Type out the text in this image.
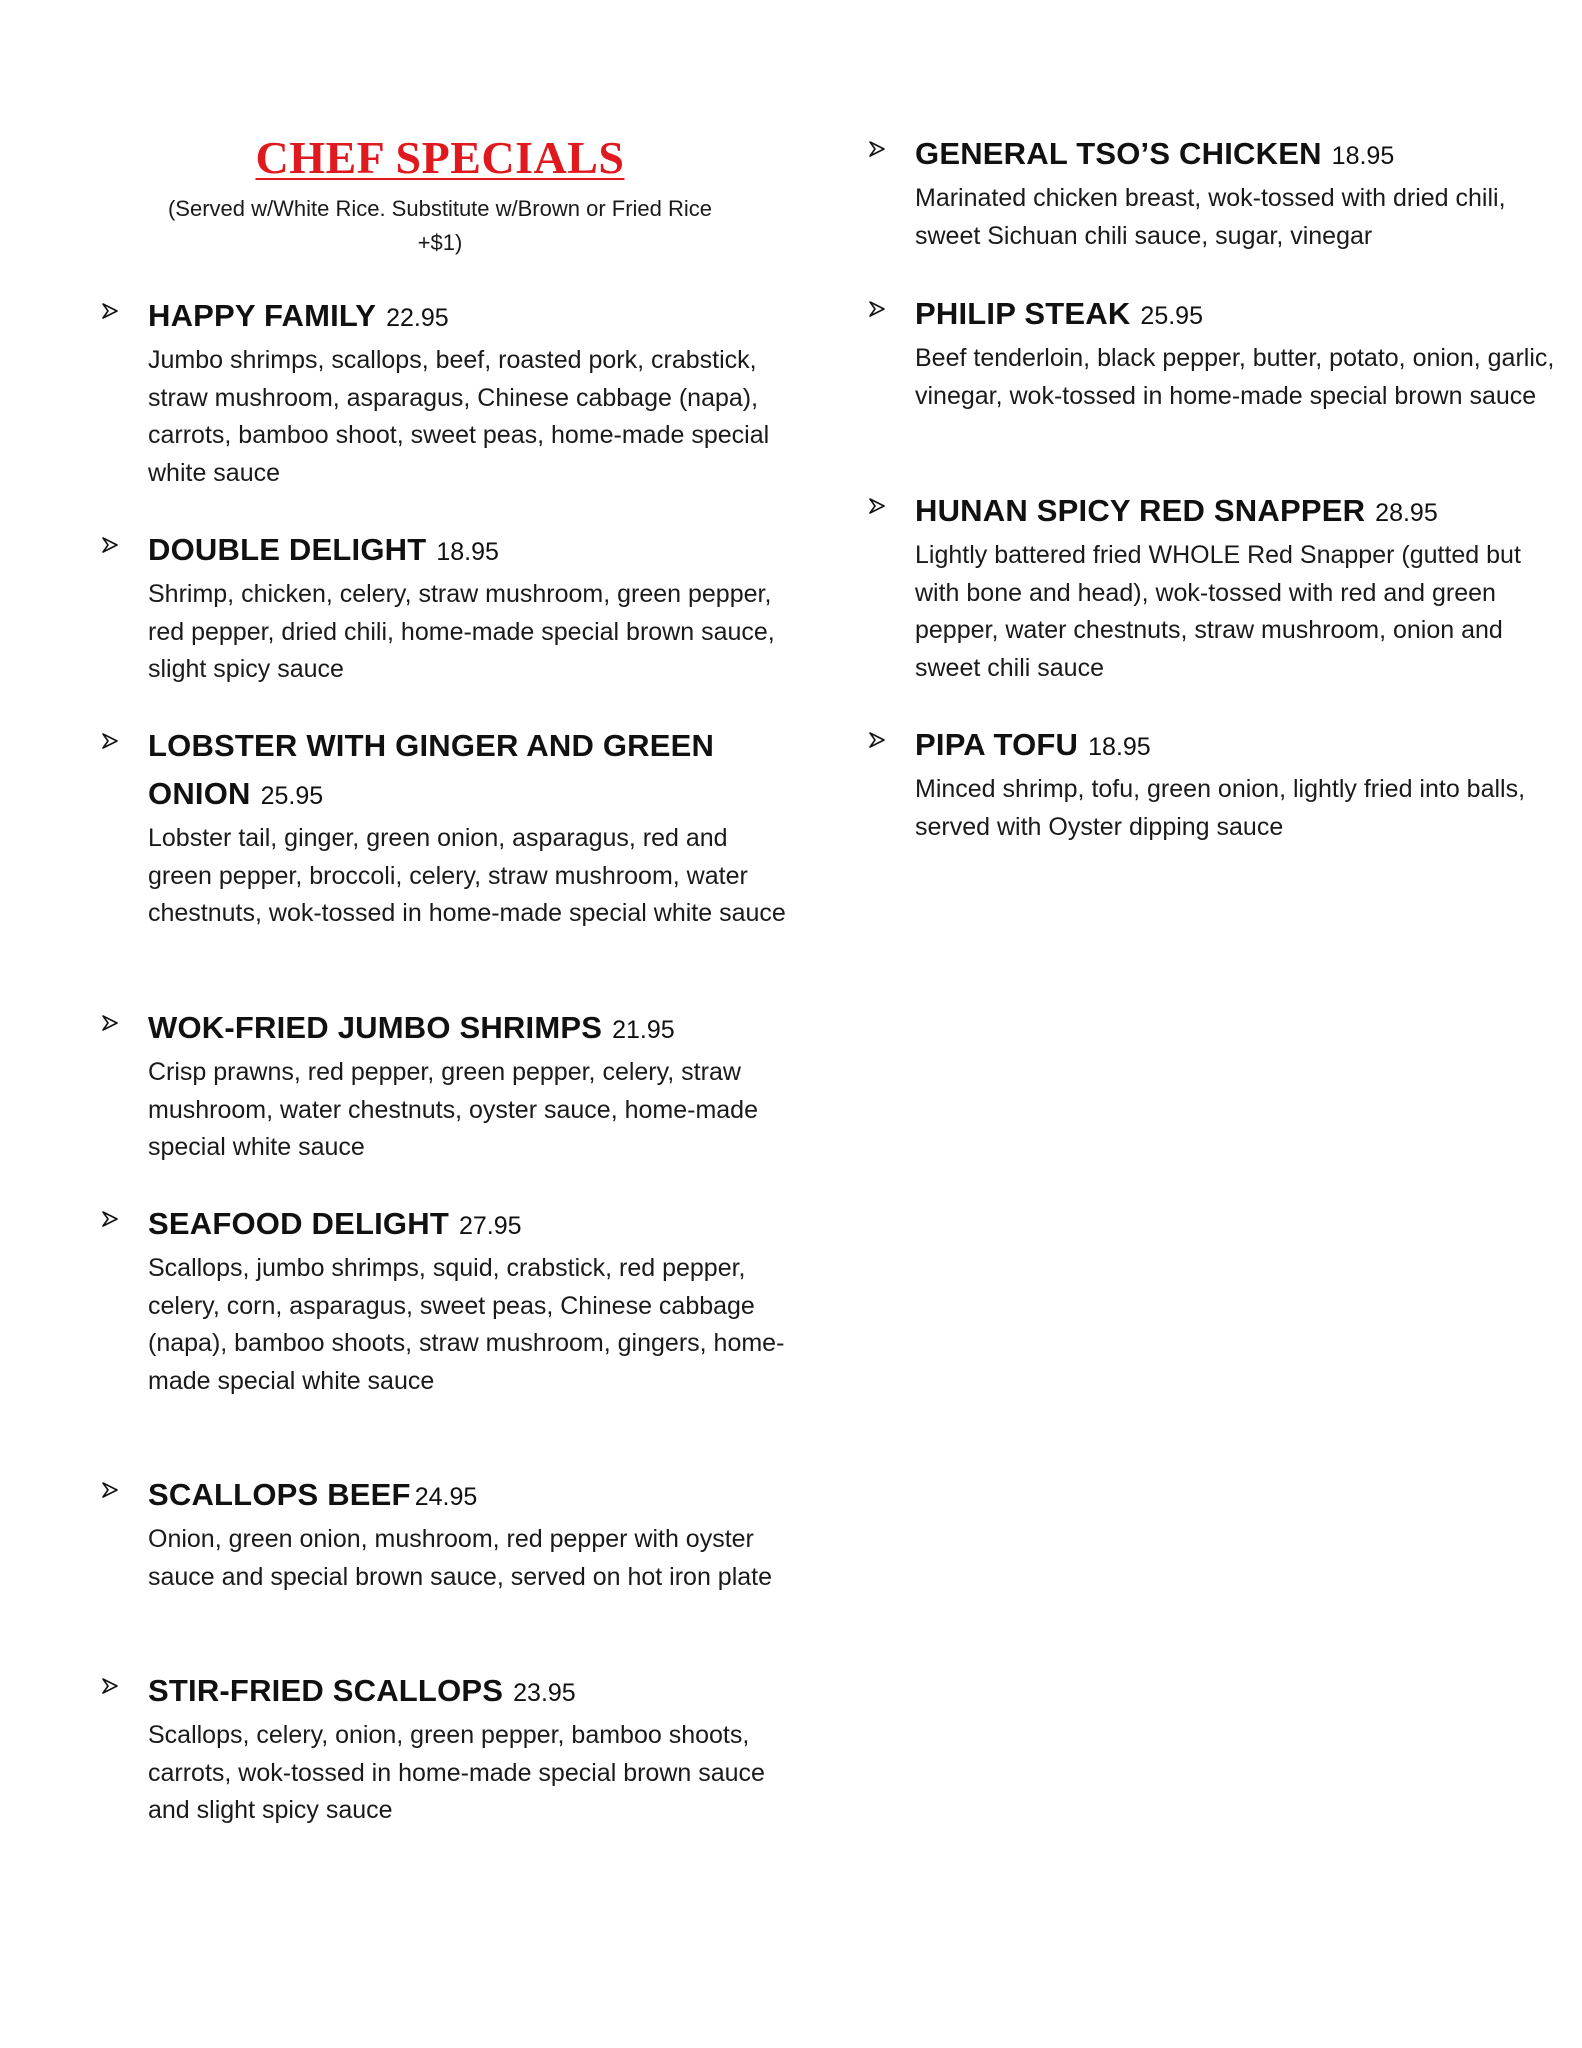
CHEF SPECIALS
(Served w/White Rice. Substitute w/Brown or Fried Rice +$1)

HAPPY FAMILY 22.95

Jumbo shrimps, scallops, beef, roasted pork, crabstick, straw mushroom, asparagus, Chinese cabbage (napa), carrots, bamboo shoot, sweet peas, home-made special white sauce

DOUBLE DELIGHT 18.95

Shrimp, chicken, celery, straw mushroom, green pepper, red pepper, dried chili, home-made special brown sauce, slight spicy sauce

LOBSTER WITH GINGER AND GREEN ONION 25.95

Lobster tail, ginger, green onion, asparagus, red and green pepper, broccoli, celery, straw mushroom, water chestnuts, wok-tossed in home-made special white sauce

WOK-FRIED JUMBO SHRIMPS 21.95

Crisp prawns, red pepper, green pepper, celery, straw mushroom, water chestnuts, oyster sauce, home-made special white sauce

SEAFOOD DELIGHT 27.95

Scallops, jumbo shrimps, squid, crabstick, red pepper, celery, corn, asparagus, sweet peas, Chinese cabbage (napa), bamboo shoots, straw mushroom, gingers, home-made special white sauce

SCALLOPS BEEF 24.95

Onion, green onion, mushroom, red pepper with oyster sauce and special brown sauce, served on hot iron plate

STIR-FRIED SCALLOPS 23.95

Scallops, celery, onion, green pepper, bamboo shoots, carrots, wok-tossed in home-made special brown sauce and slight spicy sauce

GENERAL TSO’S CHICKEN 18.95

Marinated chicken breast, wok-tossed with dried chili, sweet Sichuan chili sauce, sugar, vinegar

PHILIP STEAK 25.95

Beef tenderloin, black pepper, butter, potato, onion, garlic, vinegar, wok-tossed in home-made special brown sauce

HUNAN SPICY RED SNAPPER 28.95

Lightly battered fried WHOLE Red Snapper (gutted but with bone and head), wok-tossed with red and green pepper, water chestnuts, straw mushroom, onion and sweet chili sauce

PIPA TOFU 18.95

Minced shrimp, tofu, green onion, lightly fried into balls, served with Oyster dipping sauce
